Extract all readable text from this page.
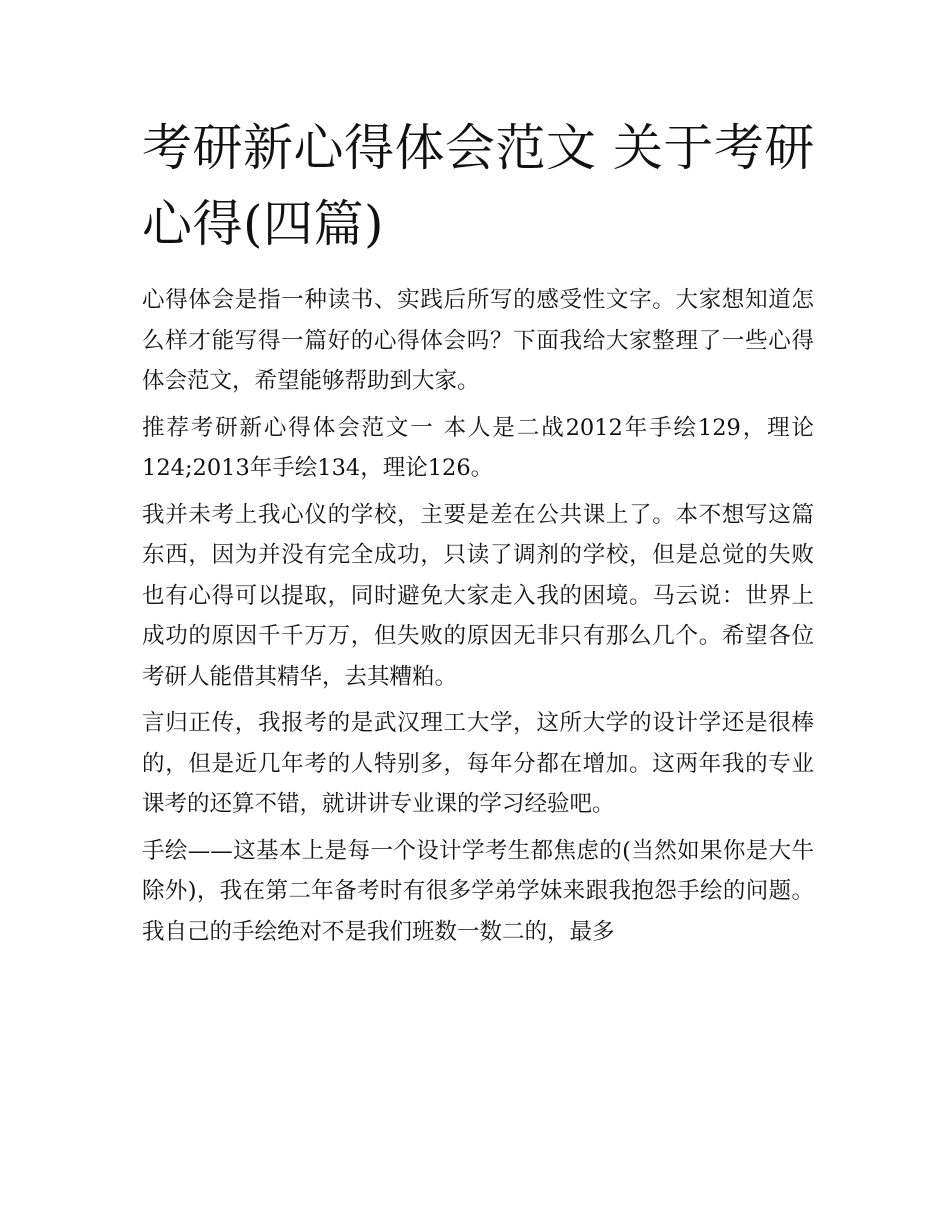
考研新心得体会范文 关于考研心得(四篇)

心得体会是指一种读书、实践后所写的感受性文字。大家想知道怎么样才能写得一篇好的心得体会吗？下面我给大家整理了一些心得体会范文，希望能够帮助到大家。

推荐考研新心得体会范文一 本人是二战2012年手绘129，理论124;2013年手绘134，理论126。

我并未考上我心仪的学校，主要是差在公共课上了。本不想写这篇东西，因为并没有完全成功，只读了调剂的学校，但是总觉的失败也有心得可以提取，同时避免大家走入我的困境。马云说：世界上成功的原因千千万万，但失败的原因无非只有那么几个。希望各位考研人能借其精华，去其糟粕。

言归正传，我报考的是武汉理工大学，这所大学的设计学还是很棒的，但是近几年考的人特别多，每年分都在增加。这两年我的专业课考的还算不错，就讲讲专业课的学习经验吧。

手绘——这基本上是每一个设计学考生都焦虑的(当然如果你是大牛除外)，我在第二年备考时有很多学弟学妹来跟我抱怨手绘的问题。我自己的手绘绝对不是我们班数一数二的，最多
